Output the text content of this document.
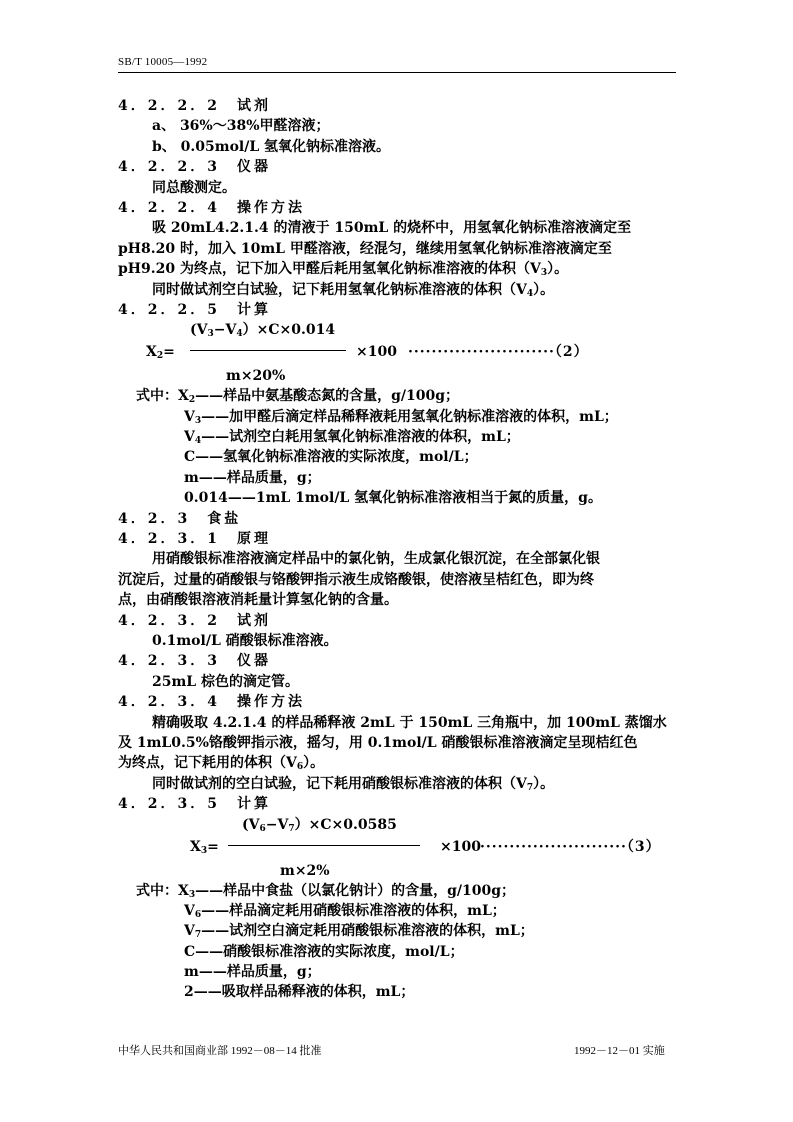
SB/T 10005—1992
4．2．2．2　试剂
a、 36%～38%甲醛溶液；
b、 0.05mol/L 氢氧化钠标准溶液。
4．2．2．3　仪器
同总酸测定。
4．2．2．4　操作方法
吸 20mL4.2.1.4 的清液于 150mL 的烧杯中，用氢氧化钠标准溶液滴定至
pH8.20 时，加入 10mL 甲醛溶液，经混匀，继续用氢氧化钠标准溶液滴定至
pH9.20 为终点，记下加入甲醛后耗用氢氧化钠标准溶液的体积$(V_3)$。
同时做试剂空白试验，记下耗用氢氧化钠标准溶液的体积$(V_4)$。
4．2．2．5　计算
$(V_3-V_4)\times C\times 0.014$
$X_2=$	×100 ·························（2）
m×20%
式中：$X_2——$样品中氨基酸态氮的含量，g/100g；
$V_3——$加甲醛后滴定样品稀释液耗用氢氧化钠标准溶液的体积，mL；
$V_4——$试剂空白耗用氢氧化钠标准溶液的体积，mL；
C——氢氧化钠标准溶液的实际浓度，mol/L；
m——样品质量，g；
0.014——1mL 1mol/L 氢氧化钠标准溶液相当于氮的质量，g。
4．2．3　食盐
4．2．3．1　原理
用硝酸银标准溶液滴定样品中的氯化钠，生成氯化银沉淀，在全部氯化银
沉淀后，过量的硝酸银与铬酸钾指示液生成铬酸银，使溶液呈桔红色，即为终
点，由硝酸银溶液消耗量计算氢化钠的含量。
4．2．3．2　试剂
0.1mol/L 硝酸银标准溶液。
4．2．3．3　仪器
25mL 棕色的滴定管。
4．2．3．4　操作方法
精确吸取 4.2.1.4 的样品稀释液 2mL 于 150mL 三角瓶中，加 100mL 蒸馏水
及 1mL0.5%铬酸钾指示液，摇匀，用 0.1mol/L 硝酸银标准溶液滴定呈现桔红色
为终点，记下耗用的体积$(V_6)$。
同时做试剂的空白试验，记下耗用硝酸银标准溶液的体积$(V_7)$。
4．2．3．5　计算
$(V_6-V_7)\times C\times 0.0585$
$X_3=$	×100 ·························（3）
m×2%
式中：$X_3——$样品中食盐（以氯化钠计）的含量，g/100g；
$V_6——$样品滴定耗用硝酸银标准溶液的体积，mL；
$V_7——$试剂空白滴定耗用硝酸银标准溶液的体积，mL；
C——硝酸银标准溶液的实际浓度，mol/L；
m——样品质量，g；
2——吸取样品稀释液的体积，mL；
中华人民共和国商业部 1992－08－14 批准	1992－12－01 实施
